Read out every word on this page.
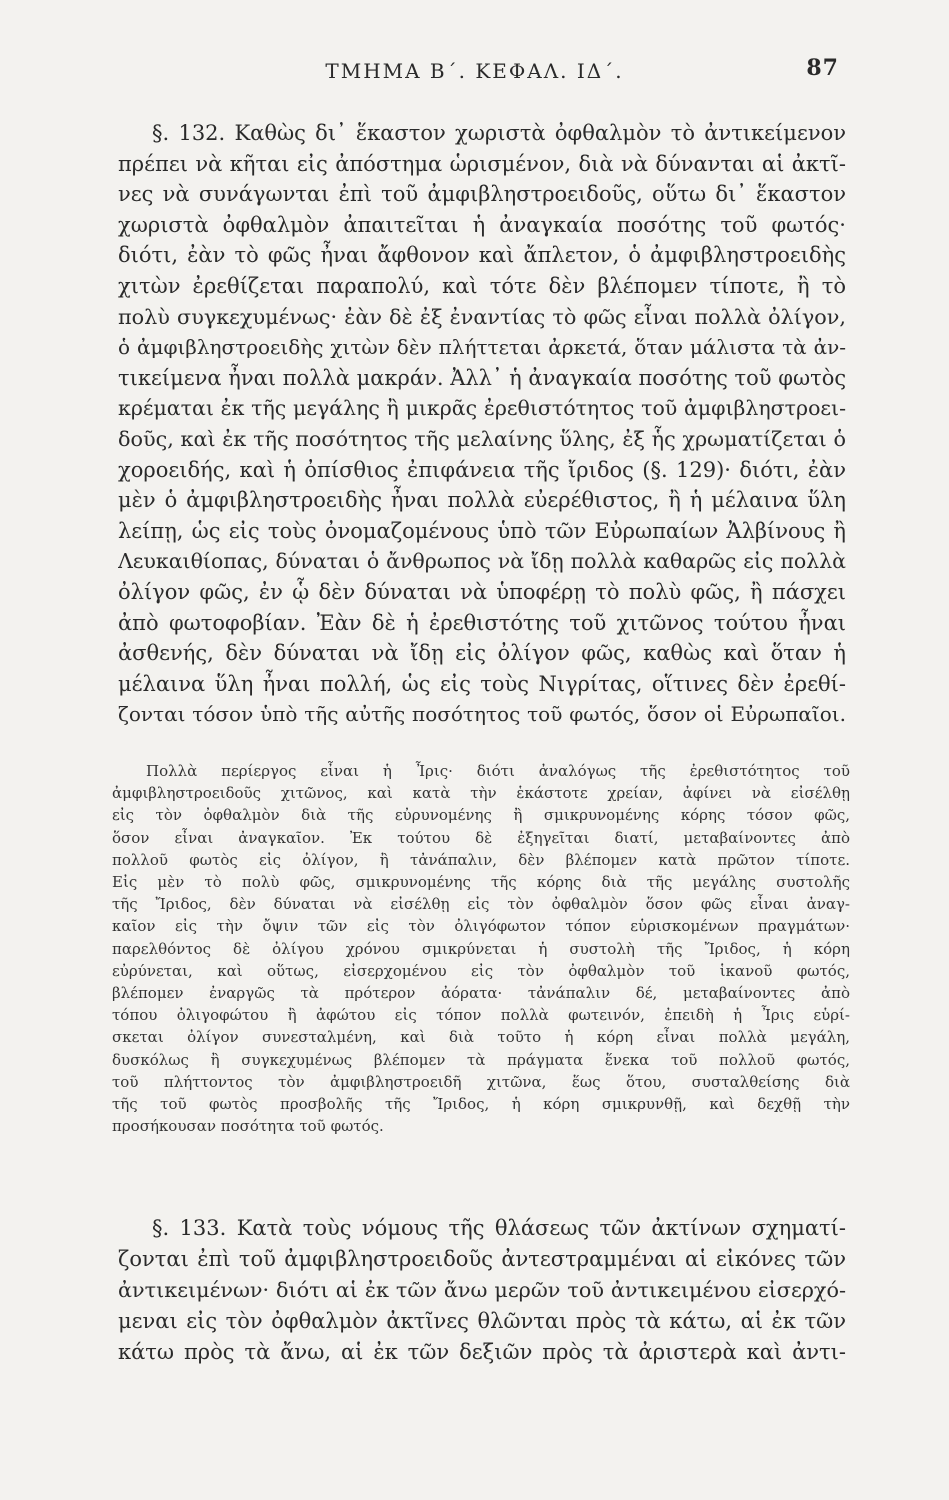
ΤΜΗΜΑ Β΄. ΚΕΦΑΛ. ΙΔ΄.	87
§. 132. Καθὼς δι᾽ ἕκαστον χωριστὰ ὀφθαλμὸν τὸ ἀντικείμενον
πρέπει νὰ κῆται εἰς ἀπόστημα ὡρισμένον, διὰ νὰ δύνανται αἱ ἀκτῖ-
νες νὰ συνάγωνται ἐπὶ τοῦ ἀμφιβληστροειδοῦς, οὕτω δι᾽ ἕκαστον
χωριστὰ ὀφθαλμὸν ἀπαιτεῖται ἡ ἀναγκαία ποσότης τοῦ φωτός·
διότι, ἐὰν τὸ φῶς ἦναι ἄφθονον καὶ ἄπλετον, ὁ ἀμφιβληστροειδὴς
χιτὼν ἐρεθίζεται παραπολύ, καὶ τότε δὲν βλέπομεν τίποτε, ἢ τὸ
πολὺ συγκεχυμένως· ἐὰν δὲ ἐξ ἐναντίας τὸ φῶς εἶναι πολλὰ ὀλίγον,
ὁ ἀμφιβληστροειδὴς χιτὼν δὲν πλήττεται ἀρκετά, ὅταν μάλιστα τὰ ἀν-
τικείμενα ἦναι πολλὰ μακράν. Ἀλλ᾽ ἡ ἀναγκαία ποσότης τοῦ φωτὸς
κρέμαται ἐκ τῆς μεγάλης ἢ μικρᾶς ἐρεθιστότητος τοῦ ἀμφιβληστροει-
δοῦς, καὶ ἐκ τῆς ποσότητος τῆς μελαίνης ὕλης, ἐξ ἧς χρωματίζεται ὁ
χοροειδής, καὶ ἡ ὀπίσθιος ἐπιφάνεια τῆς ἴριδος (§. 129)· διότι, ἐὰν
μὲν ὁ ἀμφιβληστροειδὴς ἦναι πολλὰ εὐερέθιστος, ἢ ἡ μέλαινα ὕλη
λείπῃ, ὡς εἰς τοὺς ὀνομαζομένους ὑπὸ τῶν Εὐρωπαίων Ἀλβίνους ἢ
Λευκαιθίοπας, δύναται ὁ ἄνθρωπος νὰ ἴδῃ πολλὰ καθαρῶς εἰς πολλὰ
ὀλίγον φῶς, ἐν ᾧ δὲν δύναται νὰ ὑποφέρῃ τὸ πολὺ φῶς, ἢ πάσχει
ἀπὸ φωτοφοβίαν. Ἐὰν δὲ ἡ ἐρεθιστότης τοῦ χιτῶνος τούτου ἦναι
ἀσθενής, δὲν δύναται νὰ ἴδῃ εἰς ὀλίγον φῶς, καθὼς καὶ ὅταν ἡ
μέλαινα ὕλη ἦναι πολλή, ὡς εἰς τοὺς Νιγρίτας, οἵτινες δὲν ἐρεθί-
ζονται τόσον ὑπὸ τῆς αὐτῆς ποσότητος τοῦ φωτός, ὅσον οἱ Εὐρωπαῖοι.
Πολλὰ περίεργος εἶναι ἡ Ἶρις· διότι ἀναλόγως τῆς ἐρεθιστότητος τοῦ
ἀμφιβληστροειδοῦς χιτῶνος, καὶ κατὰ τὴν ἑκάστοτε χρείαν, ἀφίνει νὰ εἰσέλθῃ
εἰς τὸν ὀφθαλμὸν διὰ τῆς εὐρυνομένης ἢ σμικρυνομένης κόρης τόσον φῶς,
ὅσον εἶναι ἀναγκαῖον. Ἐκ τούτου δὲ ἐξηγεῖται διατί, μεταβαίνοντες ἀπὸ
πολλοῦ φωτὸς εἰς ὀλίγον, ἢ τἀνάπαλιν, δὲν βλέπομεν κατὰ πρῶτον τίποτε.
Εἰς μὲν τὸ πολὺ φῶς, σμικρυνομένης τῆς κόρης διὰ τῆς μεγάλης συστολῆς
τῆς Ἴριδος, δὲν δύναται νὰ εἰσέλθῃ εἰς τὸν ὀφθαλμὸν ὅσον φῶς εἶναι ἀναγ-
καῖον εἰς τὴν ὄψιν τῶν εἰς τὸν ὀλιγόφωτον τόπον εὑρισκομένων πραγμάτων·
παρελθόντος δὲ ὀλίγου χρόνου σμικρύνεται ἡ συστολὴ τῆς Ἴριδος, ἡ κόρη
εὐρύνεται, καὶ οὕτως, εἰσερχομένου εἰς τὸν ὀφθαλμὸν τοῦ ἱκανοῦ φωτός,
βλέπομεν ἐναργῶς τὰ πρότερον ἀόρατα· τἀνάπαλιν δέ, μεταβαίνοντες ἀπὸ
τόπου ὀλιγοφώτου ἢ ἀφώτου εἰς τόπον πολλὰ φωτεινόν, ἐπειδὴ ἡ Ἶρις εὑρί-
σκεται ὀλίγον συνεσταλμένη, καὶ διὰ τοῦτο ἡ κόρη εἶναι πολλὰ μεγάλη,
δυσκόλως ἢ συγκεχυμένως βλέπομεν τὰ πράγματα ἕνεκα τοῦ πολλοῦ φωτός,
τοῦ πλήττοντος τὸν ἀμφιβληστροειδῆ χιτῶνα, ἕως ὅτου, συσταλθείσης διὰ
τῆς τοῦ φωτὸς προσβολῆς τῆς Ἴριδος, ἡ κόρη σμικρυνθῇ, καὶ δεχθῇ τὴν
προσήκουσαν ποσότητα τοῦ φωτός.
§. 133. Κατὰ τοὺς νόμους τῆς θλάσεως τῶν ἀκτίνων σχηματί-
ζονται ἐπὶ τοῦ ἀμφιβληστροειδοῦς ἀντεστραμμέναι αἱ εἰκόνες τῶν
ἀντικειμένων· διότι αἱ ἐκ τῶν ἄνω μερῶν τοῦ ἀντικειμένου εἰσερχό-
μεναι εἰς τὸν ὀφθαλμὸν ἀκτῖνες θλῶνται πρὸς τὰ κάτω, αἱ ἐκ τῶν
κάτω πρὸς τὰ ἄνω, αἱ ἐκ τῶν δεξιῶν πρὸς τὰ ἀριστερὰ καὶ ἀντι-
